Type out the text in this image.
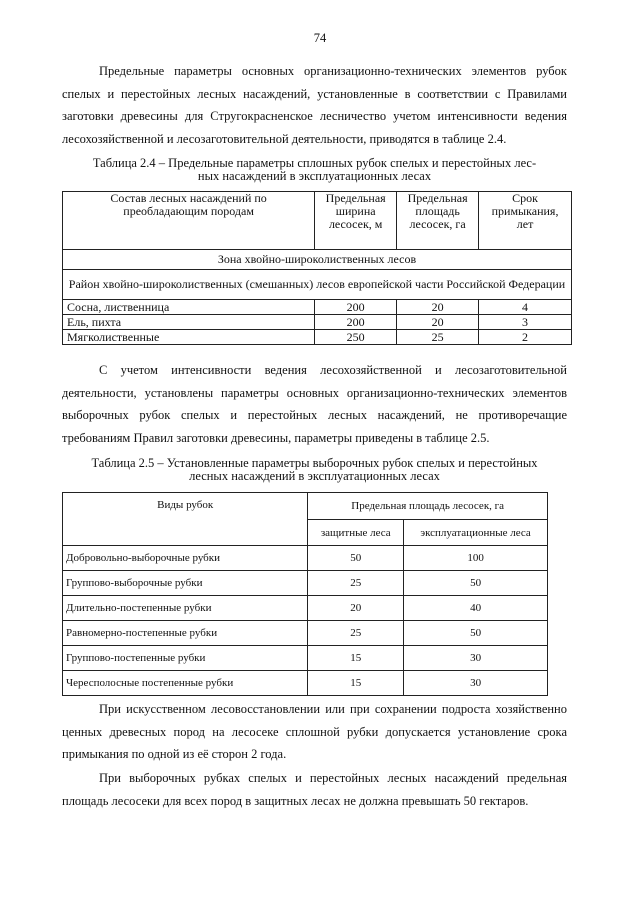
74
Предельные параметры основных организационно-технических элементов рубок спелых и перестойных лесных насаждений, установленные в соответствии с Правилами заготовки древесины для Стругокрасненское лесничество учетом интенсивности ведения лесохозяйственной и лесозаготовительной деятельности, приводятся в таблице 2.4.
Таблица 2.4 – Предельные параметры сплошных рубок спелых и перестойных лес-
ных насаждений в эксплуатационных лесах
Состав лесных насаждений по преобладающим породам	Предельная ширина лесосек, м	Предельная площадь лесосек, га	Срок примыкания, лет
Зона хвойно-широколиственных лесов			
Район хвойно-широколиственных (смешанных) лесов европейской части Российской Федерации			
Сосна, лиственница	200	20	4
Ель, пихта	200	20	3
Мягколиственные	250	25	2
С учетом интенсивности ведения лесохозяйственной и лесозаготовительной деятельности, установлены параметры основных организационно-технических элементов выборочных рубок спелых и перестойных лесных насаждений, не противоречащие требованиям Правил заготовки древесины, параметры приведены в таблице 2.5.
Таблица 2.5 – Установленные параметры выборочных рубок спелых и перестойных
лесных насаждений в эксплуатационных лесах
Виды рубок	Предельная площадь лесосек, га	
	защитные леса	эксплуатационные леса
Добровольно-выборочные рубки	50	100
Группово-выборочные рубки	25	50
Длительно-постепенные рубки	20	40
Равномерно-постепенные рубки	25	50
Группово-постепенные рубки	15	30
Чересполосные постепенные рубки	15	30
При искусственном лесовосстановлении или при сохранении подроста хозяйственно ценных древесных пород на лесосеке сплошной рубки допускается установление срока примыкания по одной из её сторон 2 года.
При выборочных рубках спелых и перестойных лесных насаждений предельная площадь лесосеки для всех пород в защитных лесах не должна превышать 50 гектаров.
